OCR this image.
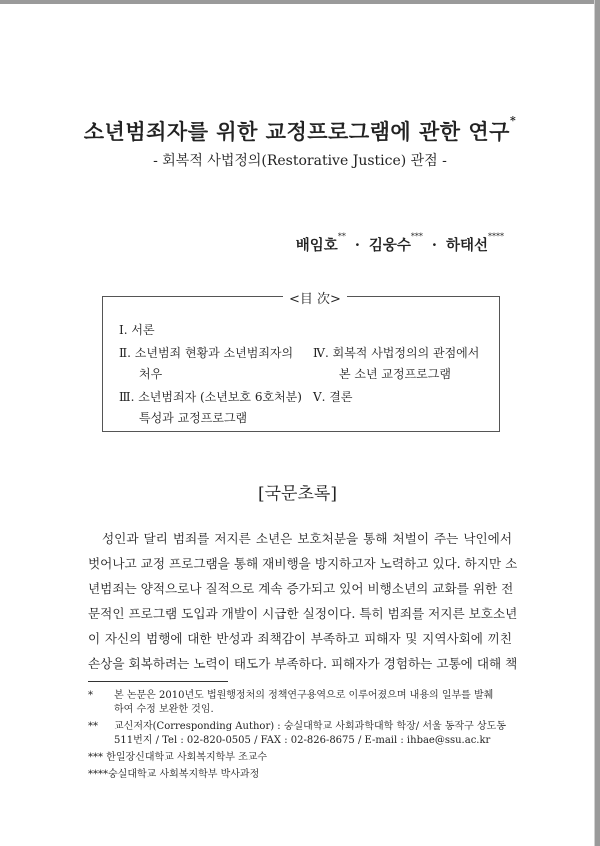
소년범죄자를 위한 교정프로그램에 관한 연구*
- 회복적 사법정의(Restorative Justice) 관점 -
배임호**· 김웅수***· 하태선****
<目 次>
Ⅰ. 서론
Ⅱ. 소년범죄 현황과 소년범죄자의
처우
Ⅲ. 소년범죄자 (소년보호 6호처분)
특성과 교정프로그램
Ⅳ. 회복적 사법정의의 관점에서
본 소년 교정프로그램
Ⅴ. 결론
[국문초록]
성인과 달리 범죄를 저지른 소년은 보호처분을 통해 처벌이 주는 낙인에서
벗어나고 교정 프로그램을 통해 재비행을 방지하고자 노력하고 있다. 하지만 소
년범죄는 양적으로나 질적으로 계속 증가되고 있어 비행소년의 교화를 위한 전
문적인 프로그램 도입과 개발이 시급한 실정이다. 특히 범죄를 저지른 보호소년
이 자신의 범행에 대한 반성과 죄책감이 부족하고 피해자 및 지역사회에 끼친
손상을 회복하려는 노력이 태도가 부족하다. 피해자가 경험하는 고통에 대해 책
* 본 논문은 2010년도 법원행정처의 정책연구용역으로 이루어졌으며 내용의 일부를 발췌
하여 수정 보완한 것임.
** 교신저자(Corresponding Author) : 숭실대학교 사회과학대학 학장/ 서울 동작구 상도동
511번지 / Tel : 02-820-0505 / FAX : 02-826-8675 / E-mail : ihbae@ssu.ac.kr
*** 한일장신대학교 사회복지학부 조교수
****숭실대학교 사회복지학부 박사과정
